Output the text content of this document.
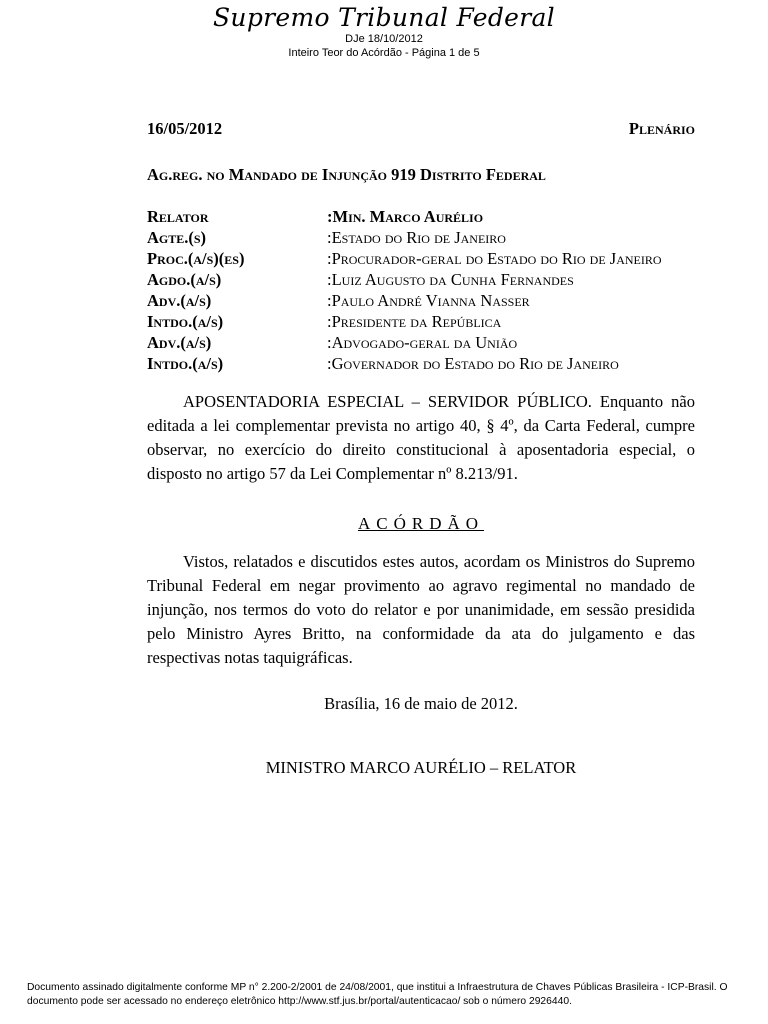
Supremo Tribunal Federal
DJe 18/10/2012
Inteiro Teor do Acórdão - Página 1 de 5
16/05/2012	Plenário
Ag.reg. no Mandado de Injunção 919 Distrito Federal
Relator	:Min. Marco Aurélio
Agte.(s)	:Estado do Rio de Janeiro
Proc.(a/s)(es)	:Procurador-geral do Estado do Rio de Janeiro
Agdo.(a/s)	:Luiz Augusto da Cunha Fernandes
Adv.(a/s)	:Paulo André Vianna Nasser
Intdo.(a/s)	:Presidente da República
Adv.(a/s)	:Advogado-geral da União
Intdo.(a/s)	:Governador do Estado do Rio de Janeiro

APOSENTADORIA ESPECIAL – SERVIDOR PÚBLICO. Enquanto não editada a lei complementar prevista no artigo 40, § 4º, da Carta Federal, cumpre observar, no exercício do direito constitucional à aposentadoria especial, o disposto no artigo 57 da Lei Complementar nº 8.213/91.

ACÓRDÃO

Vistos, relatados e discutidos estes autos, acordam os Ministros do Supremo Tribunal Federal em negar provimento ao agravo regimental no mandado de injunção, nos termos do voto do relator e por unanimidade, em sessão presidida pelo Ministro Ayres Britto, na conformidade da ata do julgamento e das respectivas notas taquigráficas.

Brasília, 16 de maio de 2012.
MINISTRO MARCO AURÉLIO – RELATOR
Documento assinado digitalmente conforme MP n° 2.200-2/2001 de 24/08/2001, que institui a Infraestrutura de Chaves Públicas Brasileira - ICP-Brasil. O documento pode ser acessado no endereço eletrônico http://www.stf.jus.br/portal/autenticacao/ sob o número 2926440.
